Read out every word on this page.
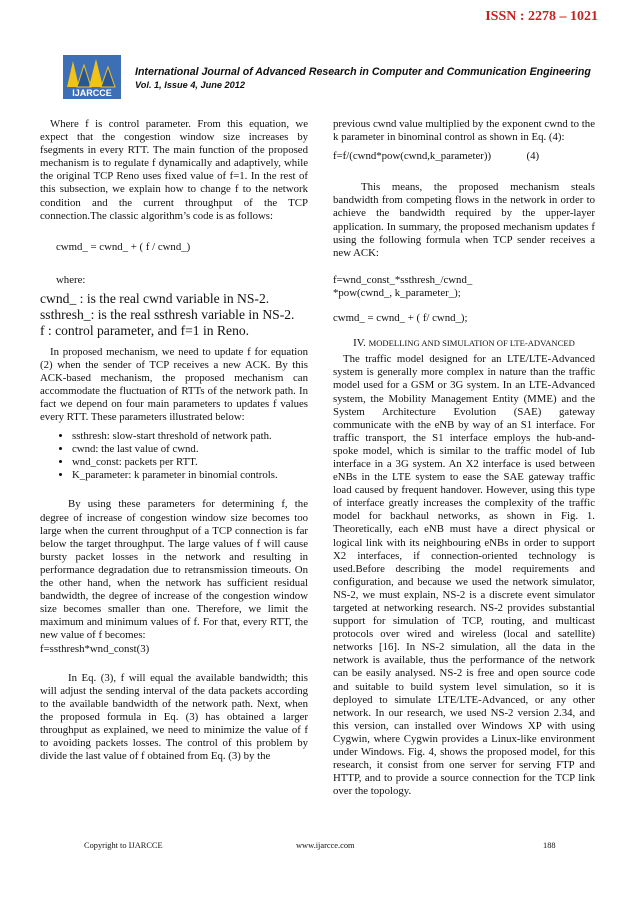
ISSN : 2278 – 1021
IJARCCE
International Journal of Advanced Research in Computer and Communication Engineering
Vol. 1, Issue 4, June 2012

Where f is control parameter. From this equation, we expect that the congestion window size increases by fsegments in every RTT. The main function of the proposed mechanism is to regulate f dynamically and adaptively, while the original TCP Reno uses fixed value of f=1. In the rest of this subsection, we explain how to change f to the network condition and the current throughput of the TCP connection.The classic algorithm’s code is as follows:

cwmd_ = cwnd_ + ( f / cwnd_)

where:

cwnd_ : is the real cwnd variable in NS-2.

ssthresh_: is the real ssthresh variable in NS-2.

f : control parameter, and f=1 in Reno.

In proposed mechanism, we need to update f for equation (2) when the sender of TCP receives a new ACK. By this ACK-based mechanism, the proposed mechanism can accommodate the fluctuation of RTTs of the network path. In fact we depend on four main parameters to updates f values every RTT. These parameters illustrated below:

• ssthresh: slow-start threshold of network path.
• cwnd: the last value of cwnd.
• wnd_const: packets per RTT.
• K_parameter: k parameter in binomial controls.

By using these parameters for determining f, the degree of increase of congestion window size becomes too large when the current throughput of a TCP connection is far below the target throughput. The large values of f will cause bursty packet losses in the network and resulting in performance degradation due to retransmission timeouts. On the other hand, when the network has sufficient residual bandwidth, the degree of increase of the congestion window size becomes smaller than one. Therefore, we limit the maximum and minimum values of f. For that, every RTT, the new value of f becomes:

f=ssthresh*wnd_const(3)

In Eq. (3), f will equal the available bandwidth; this will adjust the sending interval of the data packets according to the available bandwidth of the network path. Next, when the proposed formula in Eq. (3) has obtained a larger throughput as explained, we need to minimize the value of f to avoiding packets losses. The control of this problem by divide the last value of f obtained from Eq. (3) by the

previous cwnd value multiplied by the exponent cwnd to the k parameter in binominal control as shown in Eq. (4):

f=f/(cwnd*pow(cwnd,k_parameter))	(4)

This means, the proposed mechanism steals bandwidth from competing flows in the network in order to achieve the bandwidth required by the upper-layer application. In summary, the proposed mechanism updates f using the following formula when TCP sender receives a new ACK:

f=wnd_const_*ssthresh_/cwnd_

*pow(cwnd_, k_parameter_);

cwmd_ = cwnd_ + ( f/ cwnd_);

IV. MODELLING AND SIMULATION OF LTE-ADVANCED

The traffic model designed for an LTE/LTE-Advanced system is generally more complex in nature than the traffic model used for a GSM or 3G system. In an LTE-Advanced system, the Mobility Management Entity (MME) and the System Architecture Evolution (SAE) gateway communicate with the eNB by way of an S1 interface. For traffic transport, the S1 interface employs the hub-and-spoke model, which is similar to the traffic model of Iub interface in a 3G system. An X2 interface is used between eNBs in the LTE system to ease the SAE gateway traffic load caused by frequent handover. However, using this type of interface greatly increases the complexity of the traffic model for backhaul networks, as shown in Fig. 1. Theoretically, each eNB must have a direct physical or logical link with its neighbouring eNBs in order to support X2 interfaces, if connection-oriented technology is used.Before describing the model requirements and configuration, and because we used the network simulator, NS-2, we must explain, NS-2 is a discrete event simulator targeted at networking research. NS-2 provides substantial support for simulation of TCP, routing, and multicast protocols over wired and wireless (local and satellite) networks [16]. In NS-2 simulation, all the data in the network is available, thus the performance of the network can be easily analysed. NS-2 is free and open source code and suitable to build system level simulation, so it is deployed to simulate LTE/LTE-Advanced, or any other network. In our research, we used NS-2 version 2.34, and this version, can installed over Windows XP with using Cygwin, where Cygwin provides a Linux-like environment under Windows. Fig. 4, shows the proposed model, for this research, it consist from one server for serving FTP and HTTP, and to provide a source connection for the TCP link over the topology.

Copyright to IJARCCE	www.ijarcce.com	188
